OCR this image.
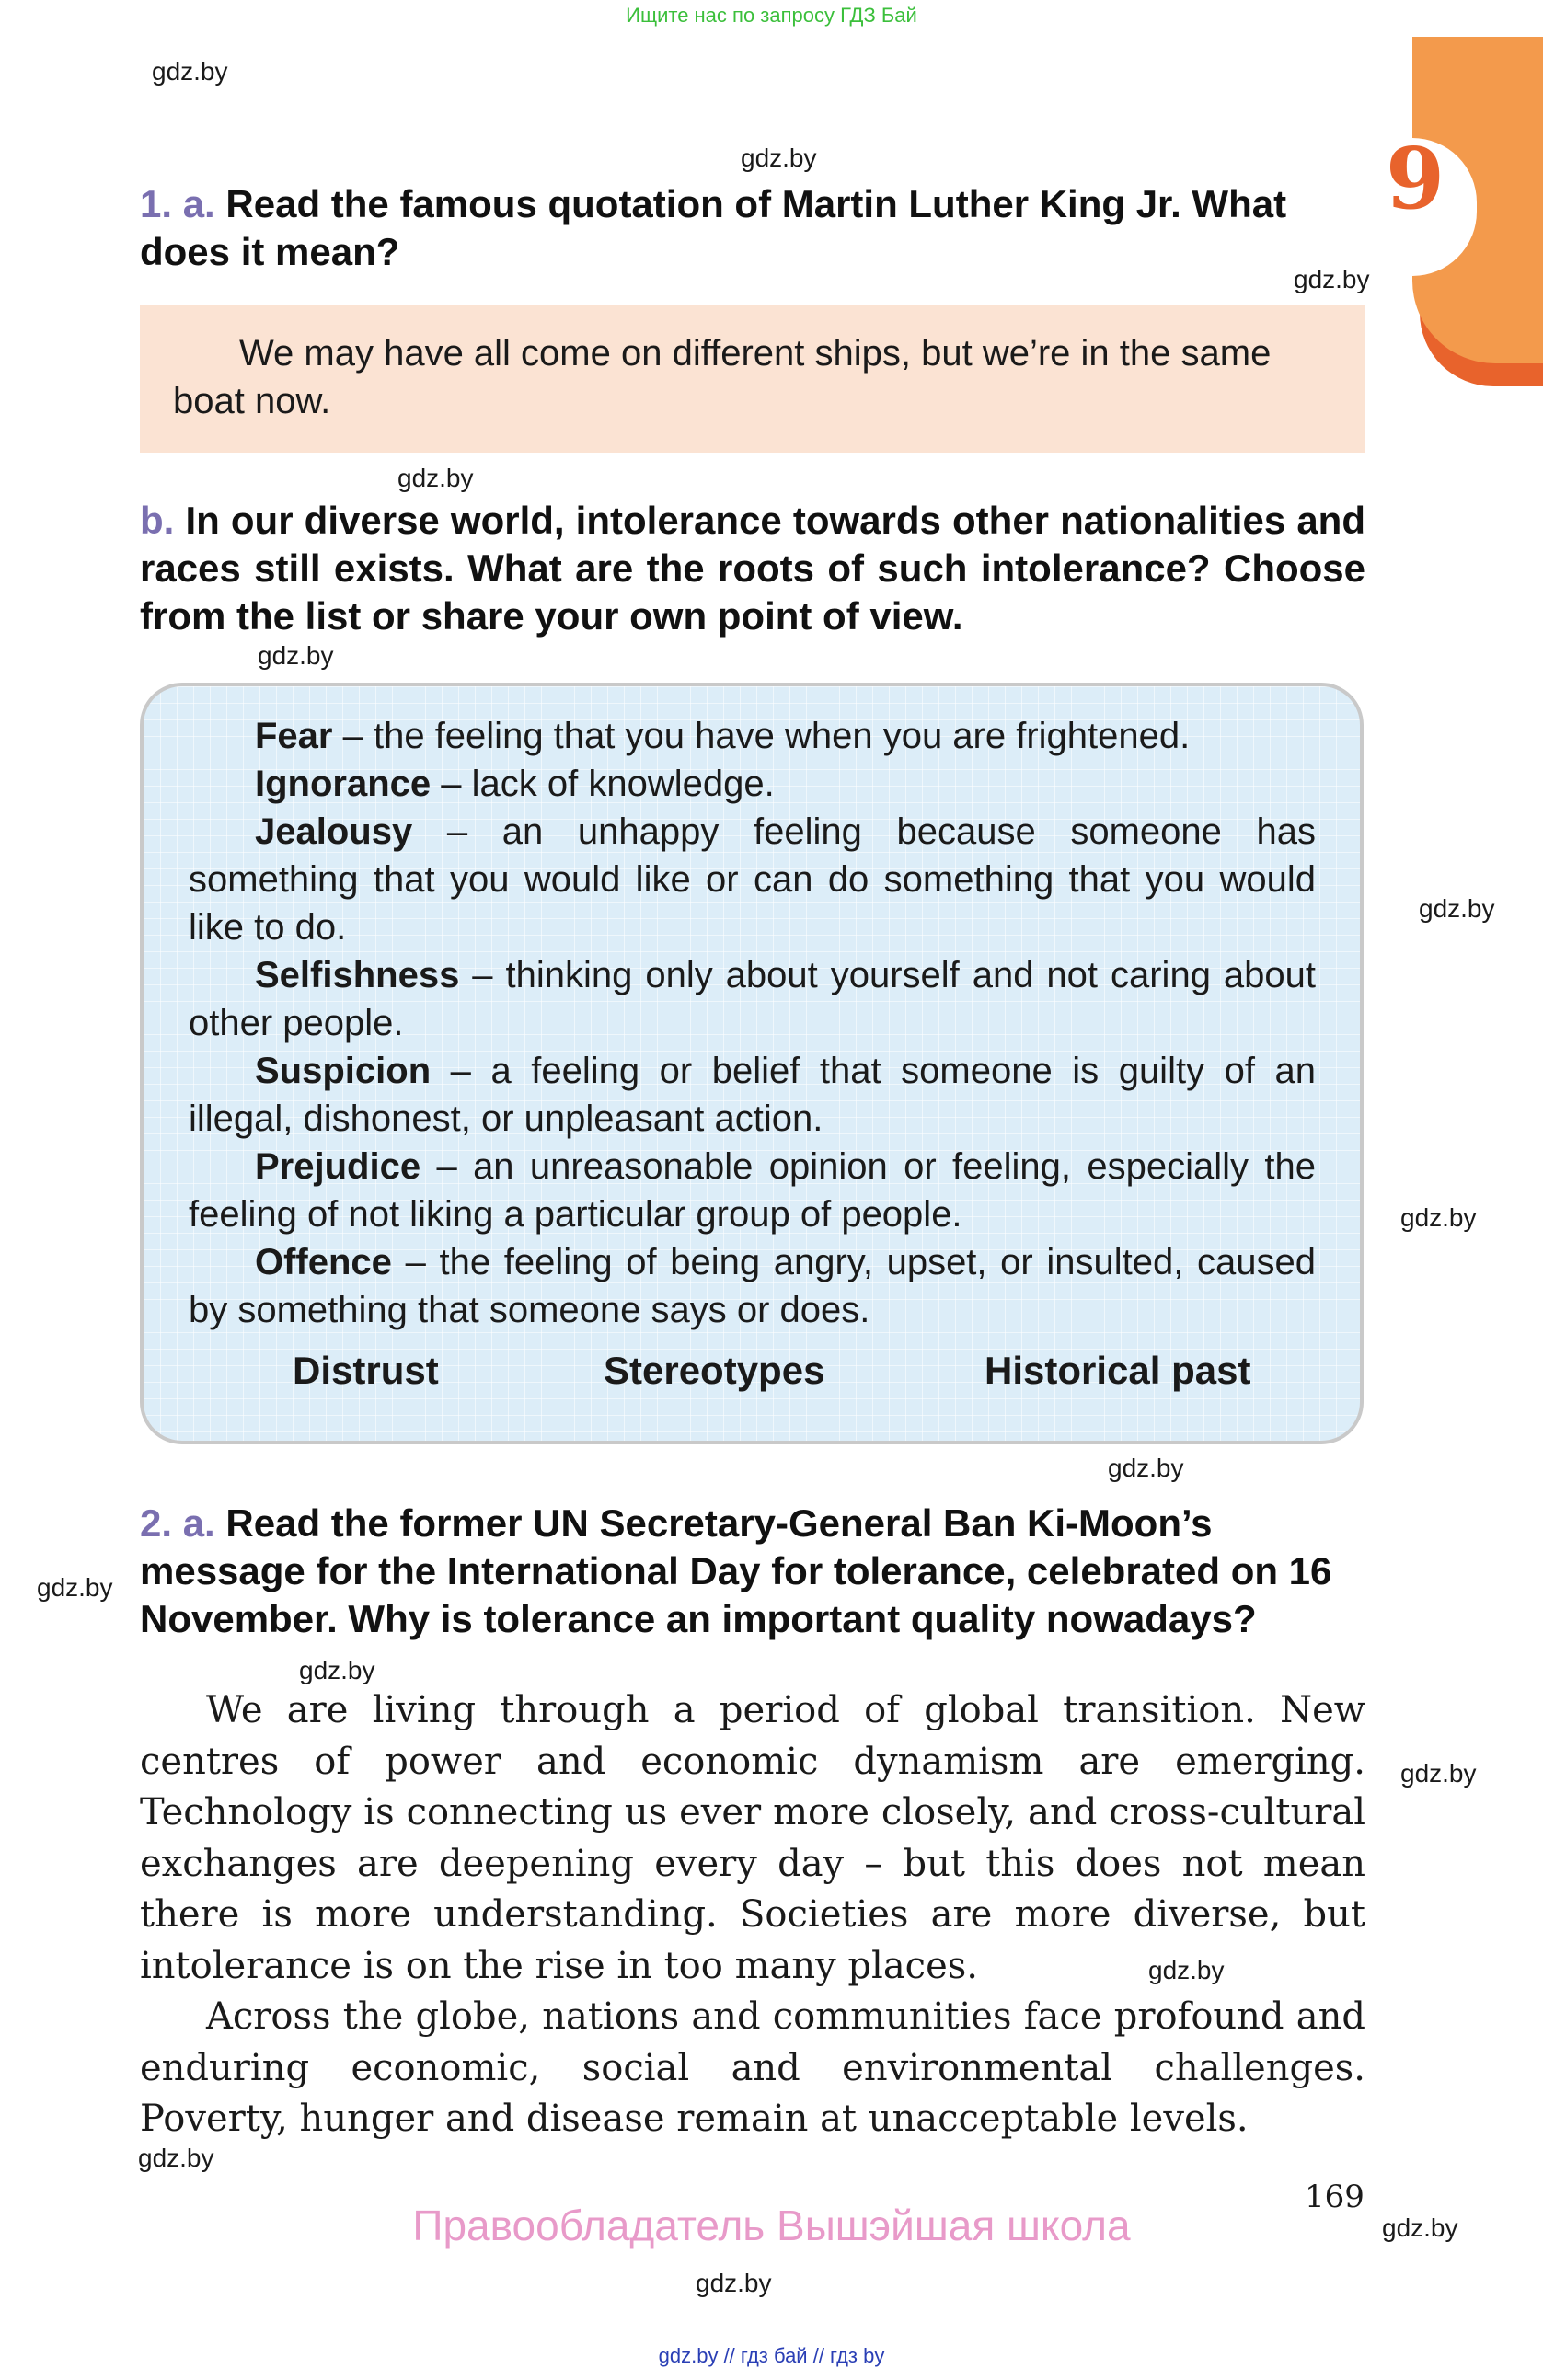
Ищите нас по запросу ГДЗ Бай
9
gdz.by
gdz.by
gdz.by
gdz.by
gdz.by
gdz.by
gdz.by
gdz.by
gdz.by
gdz.by
gdz.by
gdz.by
gdz.by
gdz.by
gdz.by
1. a. Read the famous quotation of Martin Luther King Jr. What does it mean?
We may have all come on different ships, but we’re in the same boat now.
b. In our diverse world, intolerance towards other nationalities and races still exists. What are the roots of such intolerance? Choose from the list or share your own point of view.

Fear – the feeling that you have when you are frightened.

Ignorance – lack of knowledge.

Jealousy – an unhappy feeling because someone has something that you would like or can do something that you would like to do.

Selfishness – thinking only about yourself and not caring about other people.

Suspicion – a feeling or belief that someone is guilty of an illegal, dishonest, or unpleasant action.

Prejudice – an unreasonable opinion or feeling, especially the feeling of not liking a particular group of people.

Offence – the feeling of being angry, upset, or insulted, caused by something that someone says or does.

Distrust	Stereotypes	Historical past
2. a. Read the former UN Secretary-General Ban Ki-Moon’s message for the International Day for tolerance, celebrated on 16 November. Why is tolerance an important quality nowadays?

We are living through a period of global transition. New centres of power and economic dynamism are emerging. Technology is connecting us ever more closely, and cross-cultural exchanges are deepening every day – but this does not mean there is more understanding. Societies are more diverse, but intolerance is on the rise in too many places.

Across the globe, nations and communities face profound and enduring economic, social and environmental challenges. Poverty, hunger and disease remain at unacceptable levels.

169
Правообладатель Вышэйшая школа
gdz.by // гдз бай // гдз by
